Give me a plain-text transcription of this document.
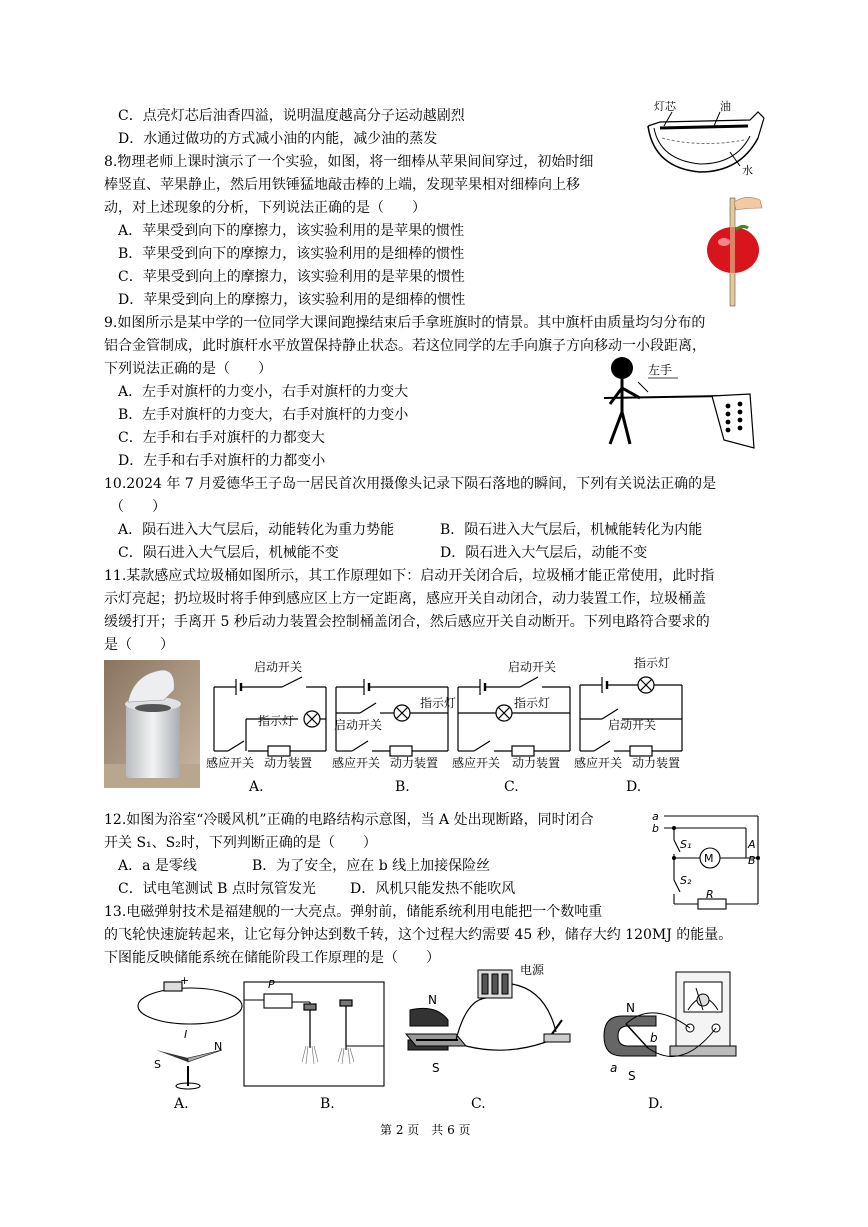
C．点亮灯芯后油香四溢，说明温度越高分子运动越剧烈
D．水通过做功的方式减小油的内能，减少油的蒸发
灯芯	油
水
8.物理老师上课时演示了一个实验，如图，将一细棒从苹果间间穿过，初始时细
棒竖直、苹果静止，然后用铁锤猛地敲击棒的上端，发现苹果相对细棒向上移
动，对上述现象的分析，下列说法正确的是（　　）
A．苹果受到向下的摩擦力，该实验利用的是苹果的惯性
B．苹果受到向下的摩擦力，该实验利用的是细棒的惯性
C．苹果受到向上的摩擦力，该实验利用的是苹果的惯性
D．苹果受到向上的摩擦力，该实验利用的是细棒的惯性
9.如图所示是某中学的一位同学大课间跑操结束后手拿班旗时的情景。其中旗杆由质量均匀分布的
铝合金管制成，此时旗杆水平放置保持静止状态。若这位同学的左手向旗子方向移动一小段距离，
下列说法正确的是（　　）
A．左手对旗杆的力变小，右手对旗杆的力变大
B．左手对旗杆的力变大，右手对旗杆的力变小
C．左手和右手对旗杆的力都变大
D．左手和右手对旗杆的力都变小
左手
10.2024 年 7 月爱德华王子岛一居民首次用摄像头记录下陨石落地的瞬间，下列有关说法正确的是
（　　）
A．陨石进入大气层后，动能转化为重力势能	B．陨石进入大气层后，机械能转化为内能
C．陨石进入大气层后，机械能不变	D．陨石进入大气层后，动能不变
11.某款感应式垃圾桶如图所示，其工作原理如下：启动开关闭合后，垃圾桶才能正常使用，此时指
示灯亮起；扔垃圾时将手伸到感应区上方一定距离，感应开关自动闭合，动力装置工作，垃圾桶盖
缓缓打开；手离开 5 秒后动力装置会控制桶盖闭合，然后感应开关自动断开。下列电路符合要求的
是（　　）
启动开关
指示灯
感应开关 动力装置
指示灯
启动开关
感应开关 动力装置
启动开关
指示灯
感应开关 动力装置
指示灯
启动开关
感应开关 动力装置
A.	B.	C.	D.
12.如图为浴室“冷暖风机”正确的电路结构示意图，当 A 处出现断路，同时闭合
开关 S₁、S₂时，下列判断正确的是（　　）
A．a 是零线	B．为了安全，应在 b 线上加接保险丝
C．试电笔测试 B 点时氖管发光 D．风机只能发热不能吹风
a
b
S₁
M
S₂
R
A
B
13.电磁弹射技术是福建舰的一大亮点。弹射前，储能系统利用电能把一个数吨重
的飞轮快速旋转起来，让它每分钟达到数千转，这个过程大约需要 45 秒，储存大约 120MJ 的能量。
下图能反映储能系统在储能阶段工作原理的是（　　）
+
I
S
N
P
N
S
电源
N
S
a
b
A.	B.	C.	D.
第 2 页　共 6 页
